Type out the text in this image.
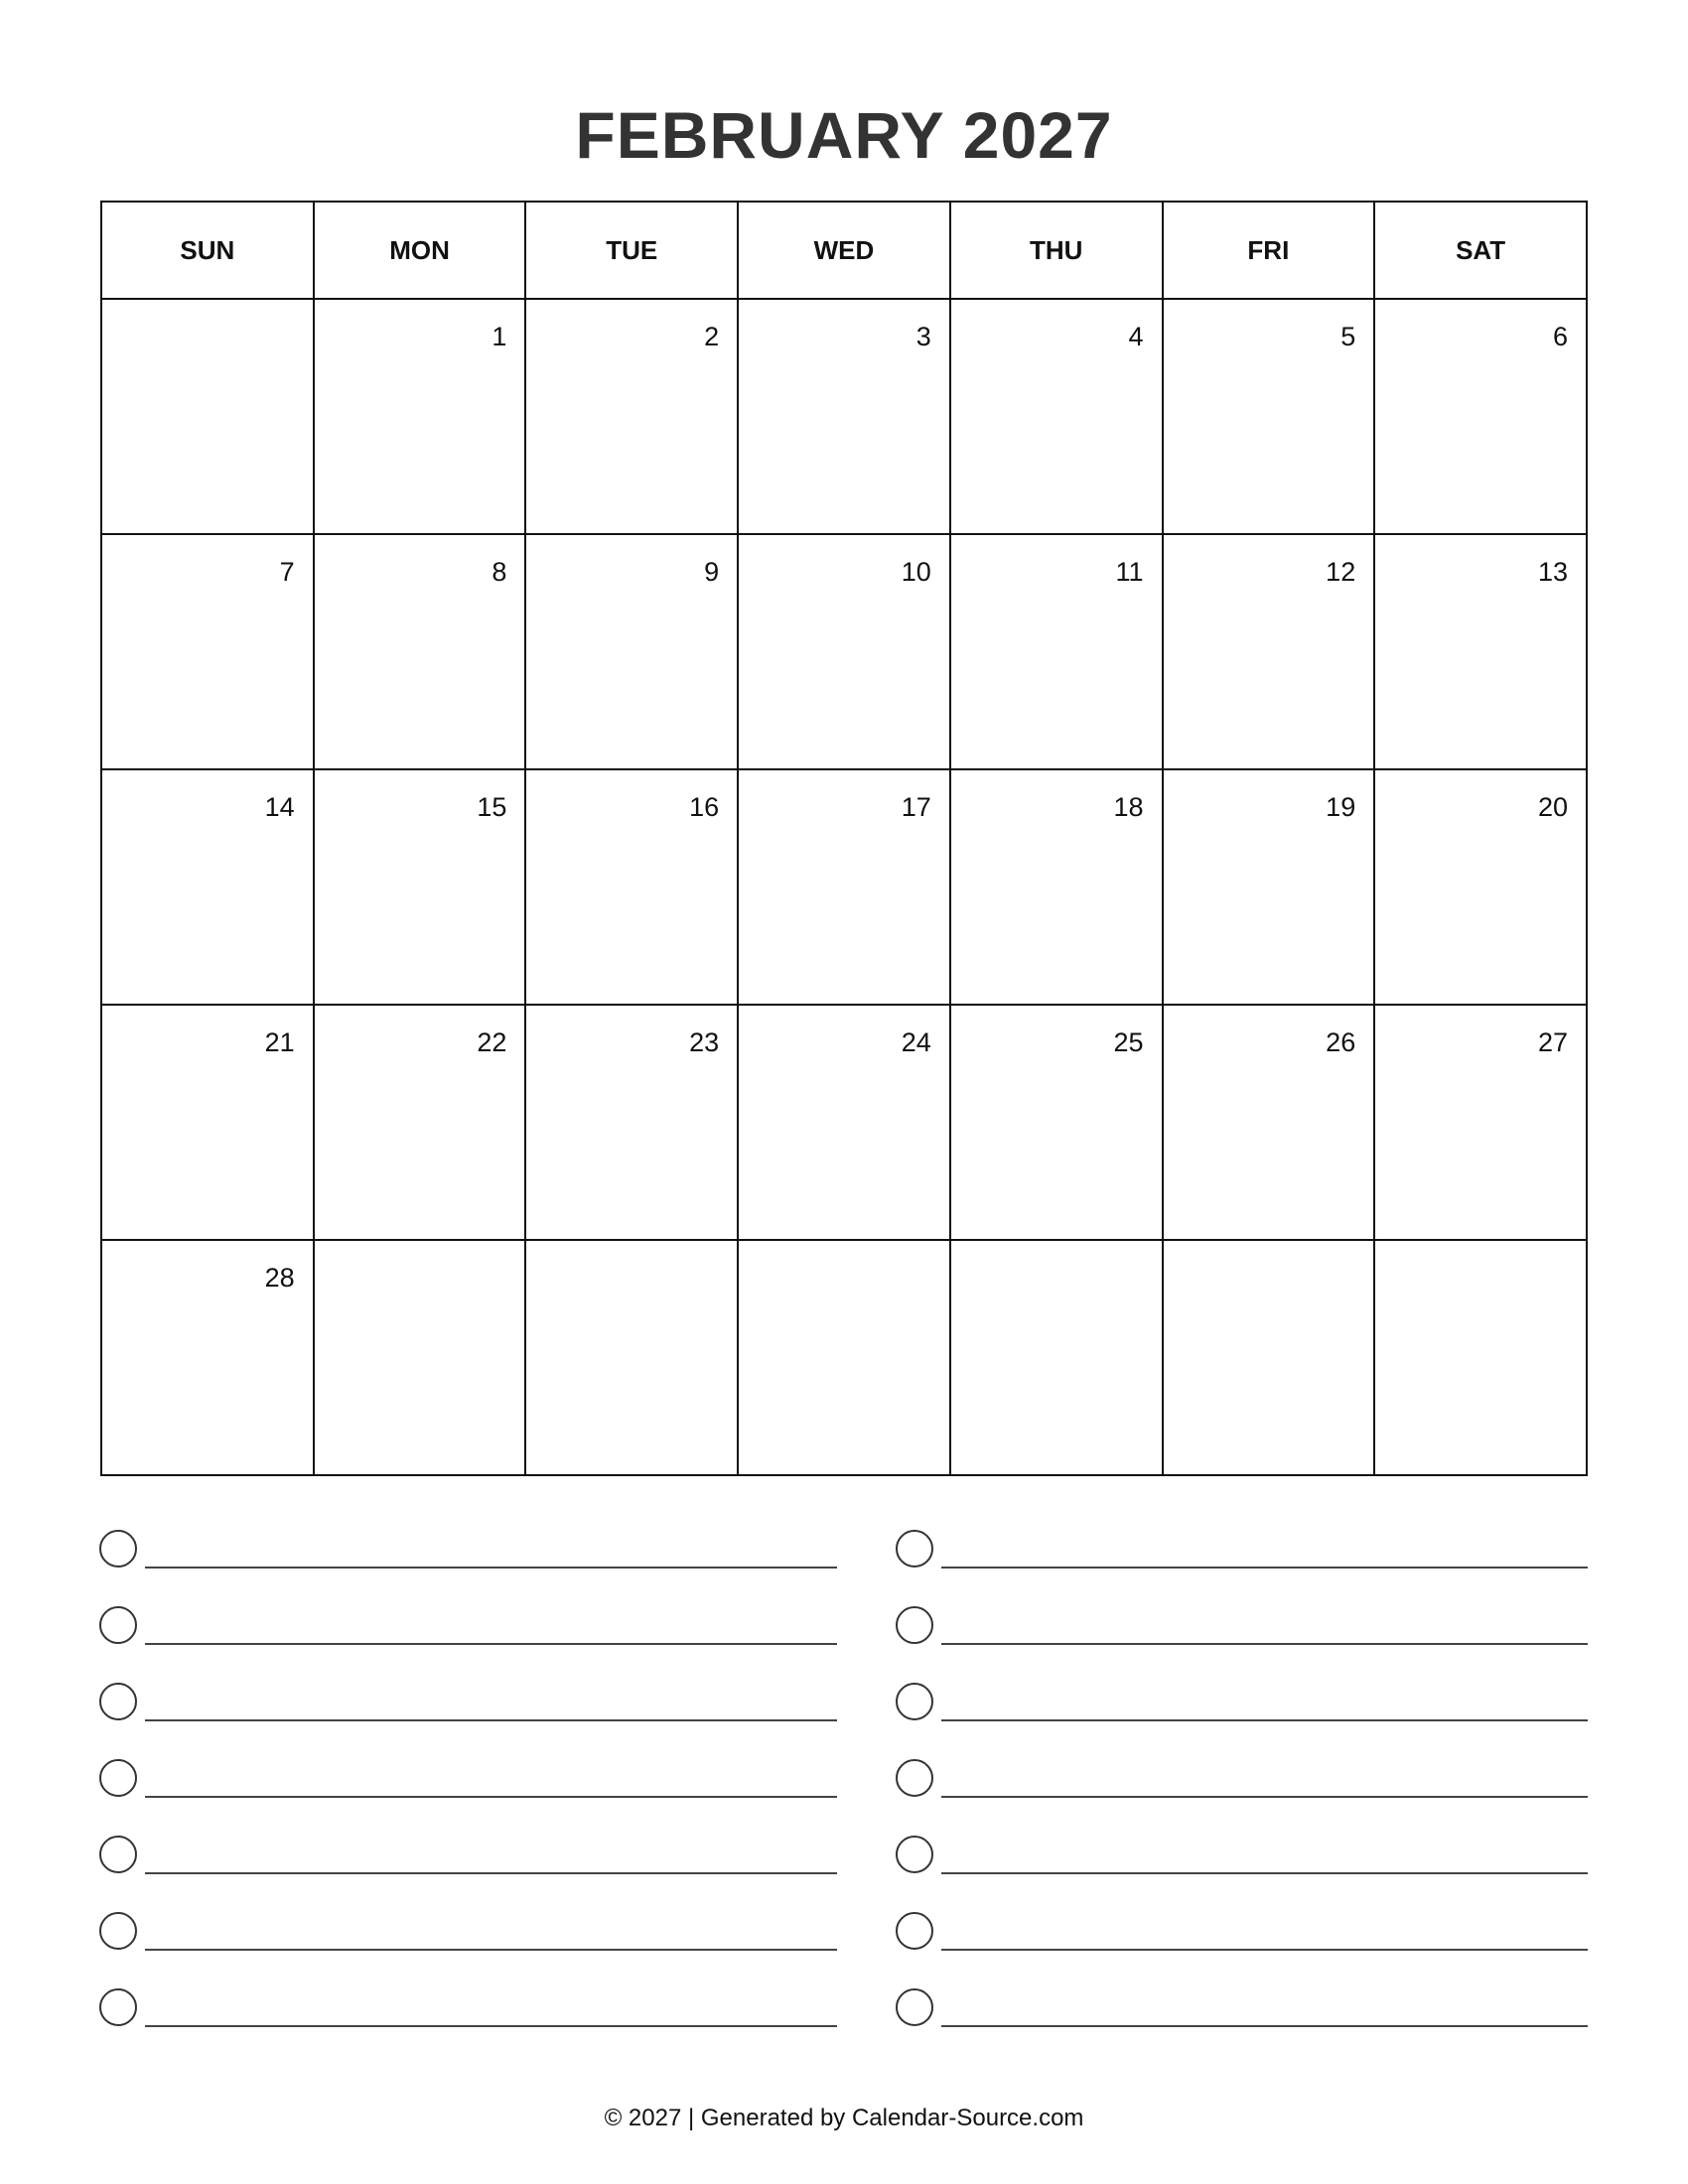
FEBRUARY 2027
SUN	MON	TUE	WED	THU	FRI	SAT

	1	2	3	4	5	6

7	8	9	10	11	12	13

14	15	16	17	18	19	20

21	22	23	24	25	26	27

28						

© 2027 | Generated by Calendar-Source.com
